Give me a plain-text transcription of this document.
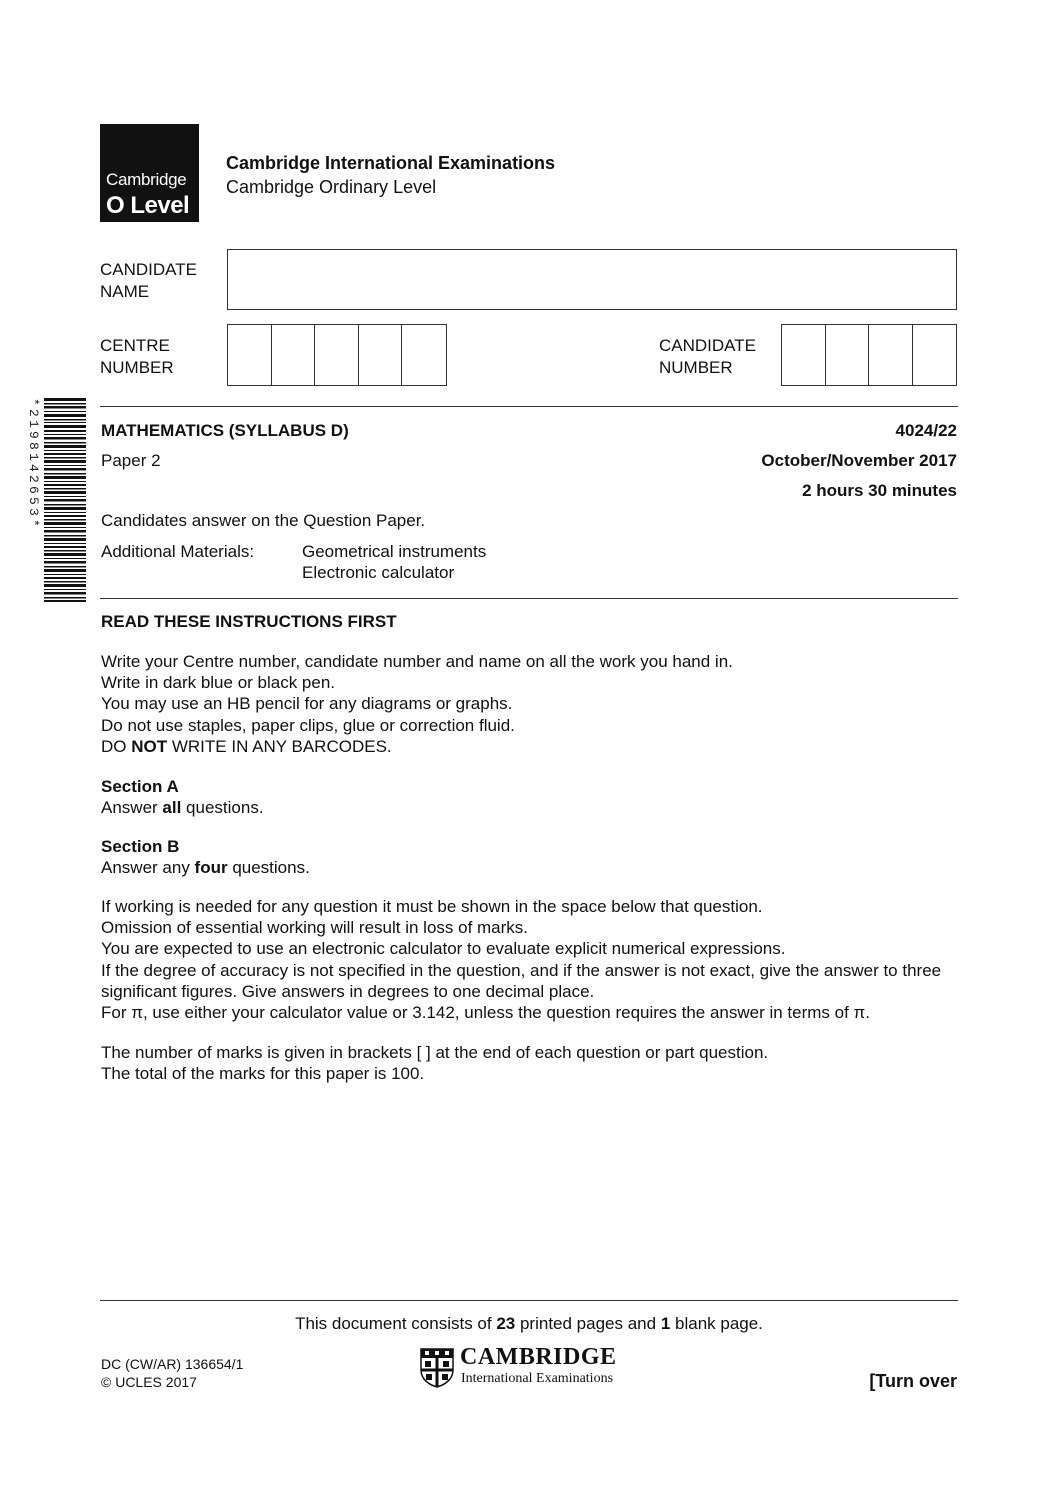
Cambridge
O Level
Cambridge International Examinations
Cambridge Ordinary Level
CANDIDATE
NAME
CENTRE
NUMBER
CANDIDATE
NUMBER
*2198142653*	MATHEMATICS (SYLLABUS D)	4024/22
Paper 2	October/November 2017
2 hours 30 minutes
Candidates answer on the Question Paper.
Additional Materials:	Geometrical instruments
Electronic calculator
READ THESE INSTRUCTIONS FIRST

Write your Centre number, candidate number and name on all the work you hand in.

Write in dark blue or black pen.

You may use an HB pencil for any diagrams or graphs.

Do not use staples, paper clips, glue or correction fluid.

DO NOT WRITE IN ANY BARCODES.

Section A

Answer all questions.

Section B

Answer any four questions.

If working is needed for any question it must be shown in the space below that question.

Omission of essential working will result in loss of marks.

You are expected to use an electronic calculator to evaluate explicit numerical expressions.

If the degree of accuracy is not specified in the question, and if the answer is not exact, give the answer to three significant figures. Give answers in degrees to one decimal place.

For π, use either your calculator value or 3.142, unless the question requires the answer in terms of π.

The number of marks is given in brackets [ ] at the end of each question or part question.

The total of the marks for this paper is 100.

This document consists of 23 printed pages and 1 blank page.
DC (CW/AR) 136654/1
© UCLES 2017
CAMBRIDGE
International Examinations	[Turn over
